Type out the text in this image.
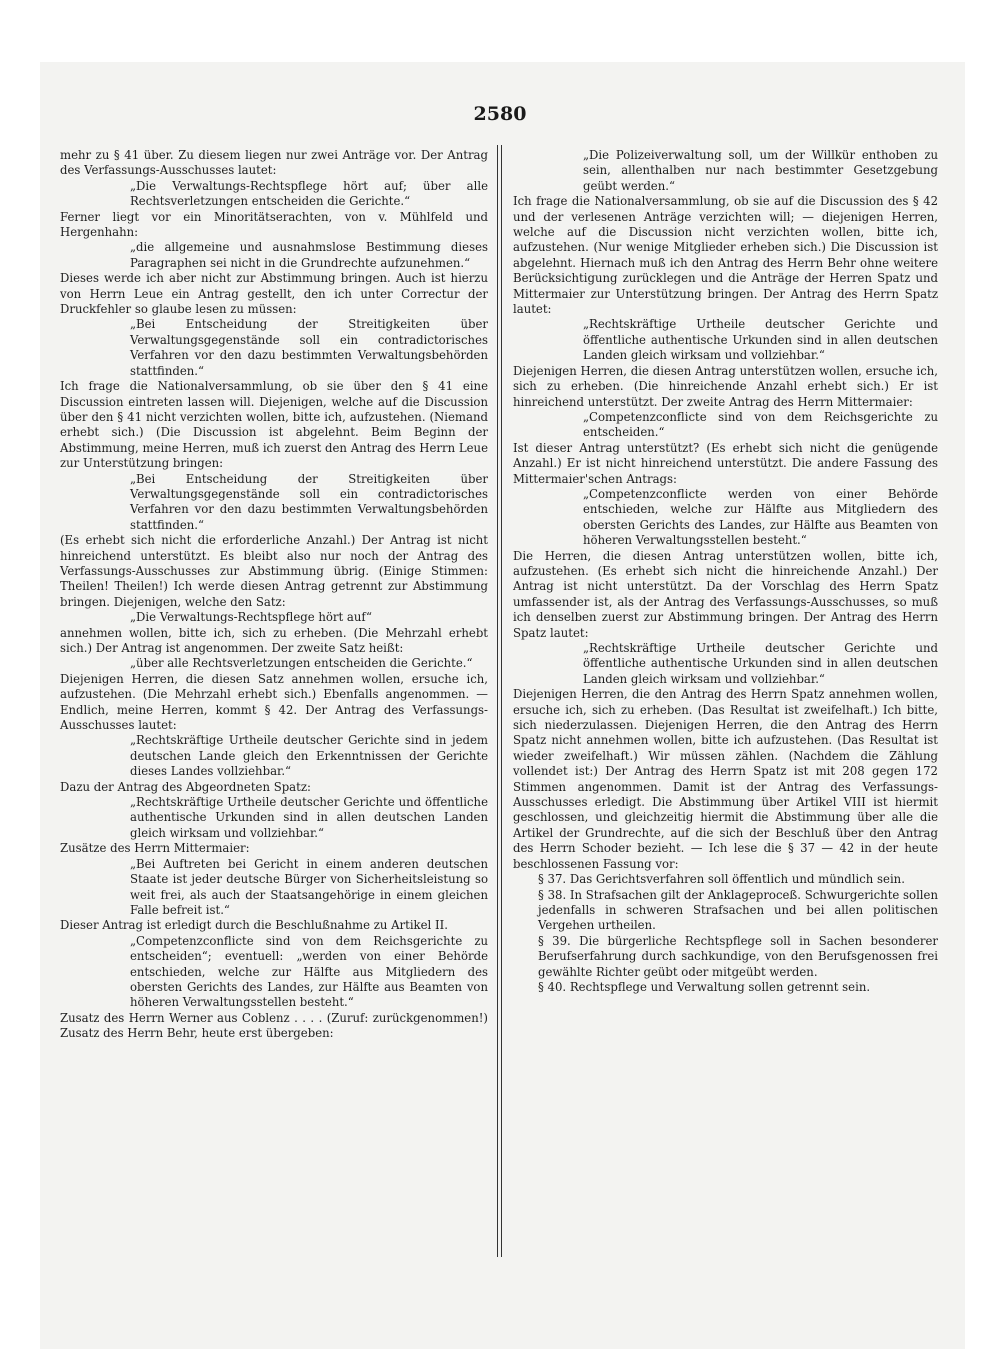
2580

mehr zu § 41 über. Zu diesem liegen nur zwei Anträge vor. Der Antrag des Verfassungs-Ausschusses lautet:

„Die Verwaltungs-Rechtspflege hört auf; über alle Rechtsverletzungen entscheiden die Gerichte.“

Ferner liegt vor ein Minoritätserachten, von v. Mühlfeld und Hergenhahn:

„die allgemeine und ausnahmslose Bestimmung dieses Paragraphen sei nicht in die Grundrechte aufzunehmen.“

Dieses werde ich aber nicht zur Abstimmung bringen. Auch ist hierzu von Herrn Leue ein Antrag gestellt, den ich unter Correctur der Druckfehler so glaube lesen zu müssen:

„Bei Entscheidung der Streitigkeiten über Verwaltungsgegenstände soll ein contradictorisches Verfahren vor den dazu bestimmten Verwaltungsbehörden stattfinden.“

Ich frage die Nationalversammlung, ob sie über den § 41 eine Discussion eintreten lassen will. Diejenigen, welche auf die Discussion über den § 41 nicht verzichten wollen, bitte ich, aufzustehen. (Niemand erhebt sich.) (Die Discussion ist abgelehnt. Beim Beginn der Abstimmung, meine Herren, muß ich zuerst den Antrag des Herrn Leue zur Unterstützung bringen:

„Bei Entscheidung der Streitigkeiten über Verwaltungsgegenstände soll ein contradictorisches Verfahren vor den dazu bestimmten Verwaltungsbehörden stattfinden.“

(Es erhebt sich nicht die erforderliche Anzahl.) Der Antrag ist nicht hinreichend unterstützt. Es bleibt also nur noch der Antrag des Verfassungs-Ausschusses zur Abstimmung übrig. (Einige Stimmen: Theilen! Theilen!) Ich werde diesen Antrag getrennt zur Abstimmung bringen. Diejenigen, welche den Satz:

„Die Verwaltungs-Rechtspflege hört auf“

annehmen wollen, bitte ich, sich zu erheben. (Die Mehrzahl erhebt sich.) Der Antrag ist angenommen. Der zweite Satz heißt:

„über alle Rechtsverletzungen entscheiden die Gerichte.“

Diejenigen Herren, die diesen Satz annehmen wollen, ersuche ich, aufzustehen. (Die Mehrzahl erhebt sich.) Ebenfalls angenommen. — Endlich, meine Herren, kommt § 42. Der Antrag des Verfassungs-Ausschusses lautet:

„Rechtskräftige Urtheile deutscher Gerichte sind in jedem deutschen Lande gleich den Erkenntnissen der Gerichte dieses Landes vollziehbar.“

Dazu der Antrag des Abgeordneten Spatz:

„Rechtskräftige Urtheile deutscher Gerichte und öffentliche authentische Urkunden sind in allen deutschen Landen gleich wirksam und vollziehbar.“

Zusätze des Herrn Mittermaier:

„Bei Auftreten bei Gericht in einem anderen deutschen Staate ist jeder deutsche Bürger von Sicherheitsleistung so weit frei, als auch der Staatsangehörige in einem gleichen Falle befreit ist.“

Dieser Antrag ist erledigt durch die Beschlußnahme zu Artikel II.

„Competenzconflicte sind von dem Reichsgerichte zu entscheiden“; eventuell: „werden von einer Behörde entschieden, welche zur Hälfte aus Mitgliedern des obersten Gerichts des Landes, zur Hälfte aus Beamten von höheren Verwaltungsstellen besteht.“

Zusatz des Herrn Werner aus Coblenz . . . . (Zuruf: zurückgenommen!) Zusatz des Herrn Behr, heute erst übergeben:

„Die Polizeiverwaltung soll, um der Willkür enthoben zu sein, allenthalben nur nach bestimmter Gesetzgebung geübt werden.“

Ich frage die Nationalversammlung, ob sie auf die Discussion des § 42 und der verlesenen Anträge verzichten will; — diejenigen Herren, welche auf die Discussion nicht verzichten wollen, bitte ich, aufzustehen. (Nur wenige Mitglieder erheben sich.) Die Discussion ist abgelehnt. Hiernach muß ich den Antrag des Herrn Behr ohne weitere Berücksichtigung zurücklegen und die Anträge der Herren Spatz und Mittermaier zur Unterstützung bringen. Der Antrag des Herrn Spatz lautet:

„Rechtskräftige Urtheile deutscher Gerichte und öffentliche authentische Urkunden sind in allen deutschen Landen gleich wirksam und vollziehbar.“

Diejenigen Herren, die diesen Antrag unterstützen wollen, ersuche ich, sich zu erheben. (Die hinreichende Anzahl erhebt sich.) Er ist hinreichend unterstützt. Der zweite Antrag des Herrn Mittermaier:

„Competenzconflicte sind von dem Reichsgerichte zu entscheiden.“

Ist dieser Antrag unterstützt? (Es erhebt sich nicht die genügende Anzahl.) Er ist nicht hinreichend unterstützt. Die andere Fassung des Mittermaier'schen Antrags:

„Competenzconflicte werden von einer Behörde entschieden, welche zur Hälfte aus Mitgliedern des obersten Gerichts des Landes, zur Hälfte aus Beamten von höheren Verwaltungsstellen besteht.“

Die Herren, die diesen Antrag unterstützen wollen, bitte ich, aufzustehen. (Es erhebt sich nicht die hinreichende Anzahl.) Der Antrag ist nicht unterstützt. Da der Vorschlag des Herrn Spatz umfassender ist, als der Antrag des Verfassungs-Ausschusses, so muß ich denselben zuerst zur Abstimmung bringen. Der Antrag des Herrn Spatz lautet:

„Rechtskräftige Urtheile deutscher Gerichte und öffentliche authentische Urkunden sind in allen deutschen Landen gleich wirksam und vollziehbar.“

Diejenigen Herren, die den Antrag des Herrn Spatz annehmen wollen, ersuche ich, sich zu erheben. (Das Resultat ist zweifelhaft.) Ich bitte, sich niederzulassen. Diejenigen Herren, die den Antrag des Herrn Spatz nicht annehmen wollen, bitte ich aufzustehen. (Das Resultat ist wieder zweifelhaft.) Wir müssen zählen. (Nachdem die Zählung vollendet ist:) Der Antrag des Herrn Spatz ist mit 208 gegen 172 Stimmen angenommen. Damit ist der Antrag des Verfassungs-Ausschusses erledigt. Die Abstimmung über Artikel VIII ist hiermit geschlossen, und gleichzeitig hiermit die Abstimmung über alle die Artikel der Grundrechte, auf die sich der Beschluß über den Antrag des Herrn Schoder bezieht. — Ich lese die § 37 — 42 in der heute beschlossenen Fassung vor:

§ 37. Das Gerichtsverfahren soll öffentlich und mündlich sein.

§ 38. In Strafsachen gilt der Anklageproceß. Schwurgerichte sollen jedenfalls in schweren Strafsachen und bei allen politischen Vergehen urtheilen.

§ 39. Die bürgerliche Rechtspflege soll in Sachen besonderer Berufserfahrung durch sachkundige, von den Berufsgenossen frei gewählte Richter geübt oder mitgeübt werden.

§ 40. Rechtspflege und Verwaltung sollen getrennt sein.
